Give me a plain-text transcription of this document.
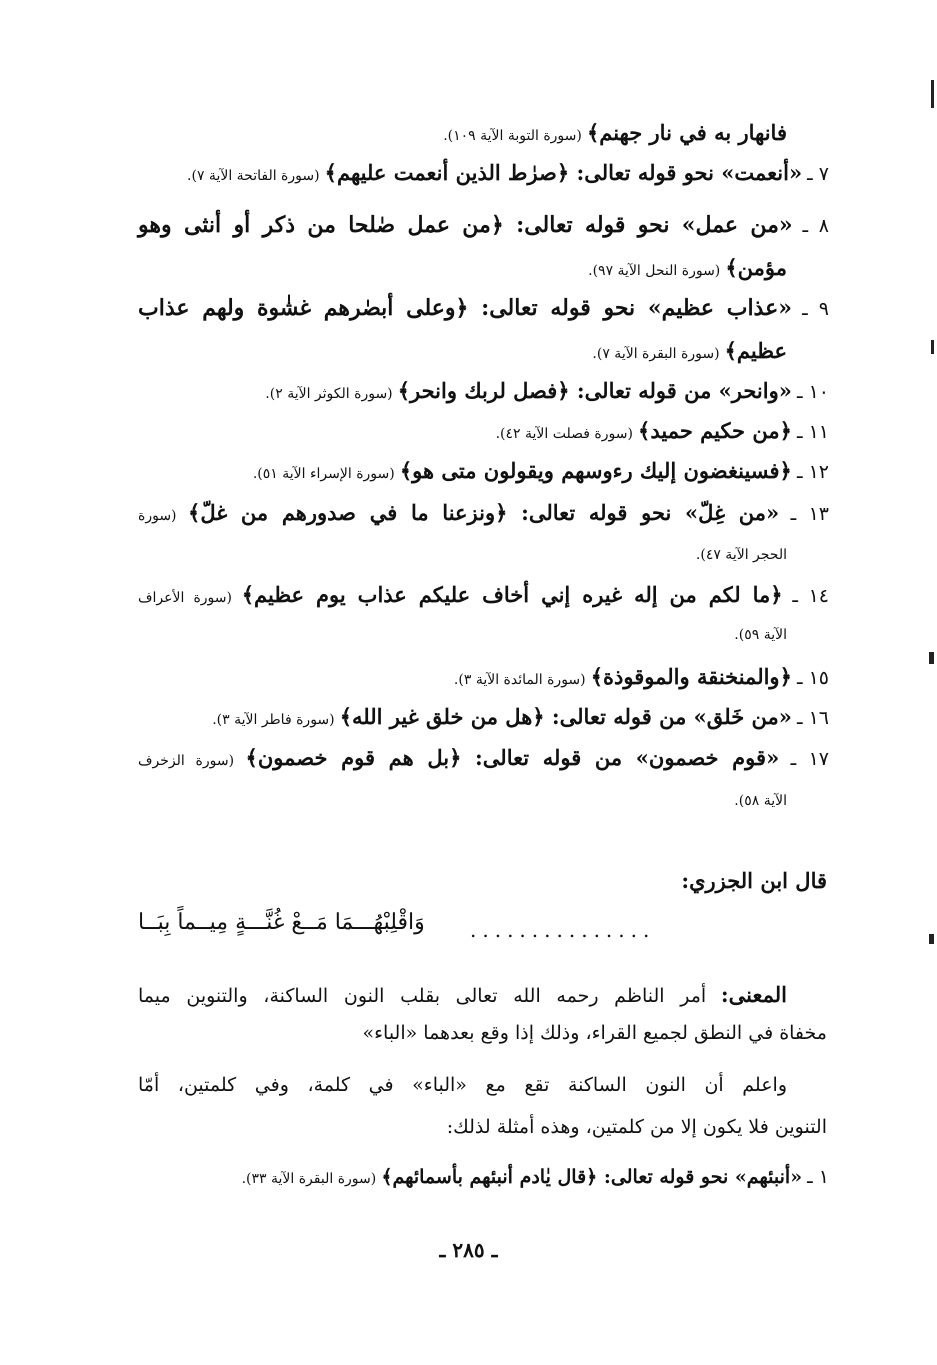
فانهار به في نار جهنم﴾ (سورة التوبة الآية ١٠٩).
٧ ـ «أنعمت» نحو قوله تعالى: ﴿صرٰط الذين أنعمت عليهم﴾ (سورة الفاتحة الآية ٧).
٨ ـ «من عمل» نحو قوله تعالى: ﴿من عمل صٰلحا من ذكر أو أنثى وهو
مؤمن﴾ (سورة النحل الآية ٩٧).
٩ ـ «عذاب عظيم» نحو قوله تعالى: ﴿وعلى أبصٰرهم غشٰوة ولهم عذاب
عظيم﴾ (سورة البقرة الآية ٧).
١٠ ـ «وانحر» من قوله تعالى: ﴿فصل لربك وانحر﴾ (سورة الكوثر الآية ٢).
١١ ـ ﴿من حكيم حميد﴾ (سورة فصلت الآية ٤٢).
١٢ ـ ﴿فسينغضون إليك رءوسهم ويقولون متى هو﴾ (سورة الإسراء الآية ٥١).
١٣ ـ «من غِلّ» نحو قوله تعالى: ﴿ونزعنا ما في صدورهم من غلّ﴾ (سورة
الحجر الآية ٤٧).
١٤ ـ ﴿ما لكم من إله غيره إني أخاف عليكم عذاب يوم عظيم﴾ (سورة الأعراف
الآية ٥٩).
١٥ ـ ﴿والمنخنقة والموقوذة﴾ (سورة المائدة الآية ٣).
١٦ ـ «من خَلق» من قوله تعالى: ﴿هل من خلق غير الله﴾ (سورة فاطر الآية ٣).
١٧ ـ «قوم خصمون» من قوله تعالى: ﴿بل هم قوم خصمون﴾ (سورة الزخرف
الآية ٥٨).
قال ابن الجزري:
...............
وَاقْلِبْهُـــمَا مَــعْ غُنَّـــةٍ مِيــماً بِبَــا
المعنى: أمر الناظم رحمه الله تعالى بقلب النون الساكنة، والتنوين ميما
مخفاة في النطق لجميع القراء، وذلك إذا وقع بعدهما «الباء»
واعلم أن النون الساكنة تقع مع «الباء» في كلمة، وفي كلمتين، أمّا
التنوين فلا يكون إلا من كلمتين، وهذه أمثلة لذلك:
١ ـ «أنبئهم» نحو قوله تعالى: ﴿قال يٰادم أنبئهم بأسمائهم﴾ (سورة البقرة الآية ٣٣).
ـ ٢٨٥ ـ
